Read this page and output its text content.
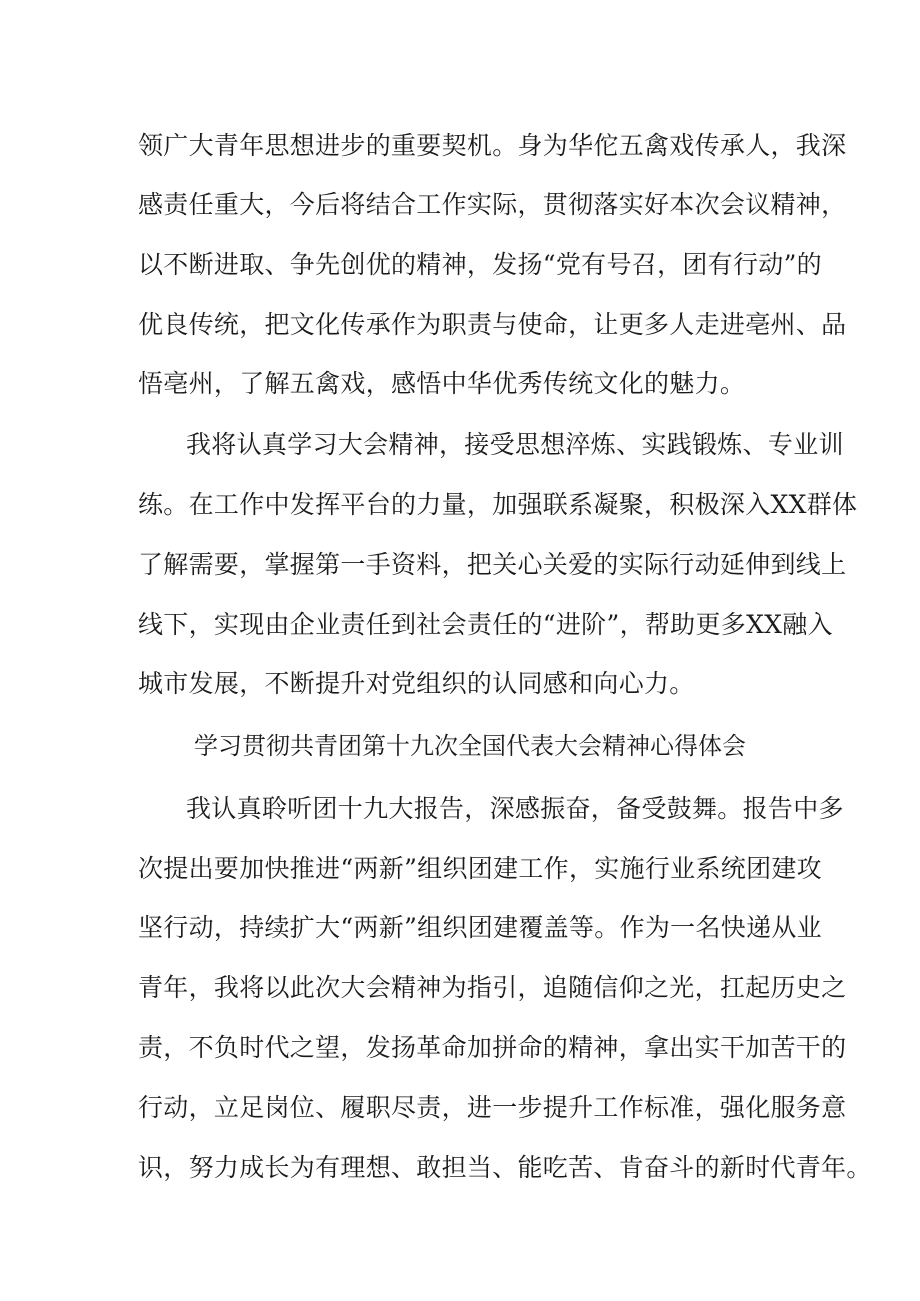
领广大青年思想进步的重要契机。身为华佗五禽戏传承人，我深
感责任重大，今后将结合工作实际，贯彻落实好本次会议精神，
以不断进取、争先创优的精神，发扬“党有号召，团有行动”的
优良传统，把文化传承作为职责与使命，让更多人走进亳州、品
悟亳州，了解五禽戏，感悟中华优秀传统文化的魅力。
我将认真学习大会精神，接受思想淬炼、实践锻炼、专业训
练。在工作中发挥平台的力量，加强联系凝聚，积极深入XX群体
了解需要，掌握第一手资料，把关心关爱的实际行动延伸到线上
线下，实现由企业责任到社会责任的“进阶”，帮助更多XX融入
城市发展，不断提升对党组织的认同感和向心力。
学习贯彻共青团第十九次全国代表大会精神心得体会
我认真聆听团十九大报告，深感振奋，备受鼓舞。报告中多
次提出要加快推进“两新”组织团建工作，实施行业系统团建攻
坚行动，持续扩大“两新”组织团建覆盖等。作为一名快递从业
青年，我将以此次大会精神为指引，追随信仰之光，扛起历史之
责，不负时代之望，发扬革命加拼命的精神，拿出实干加苦干的
行动，立足岗位、履职尽责，进一步提升工作标准，强化服务意
识，努力成长为有理想、敢担当、能吃苦、肯奋斗的新时代青年。
